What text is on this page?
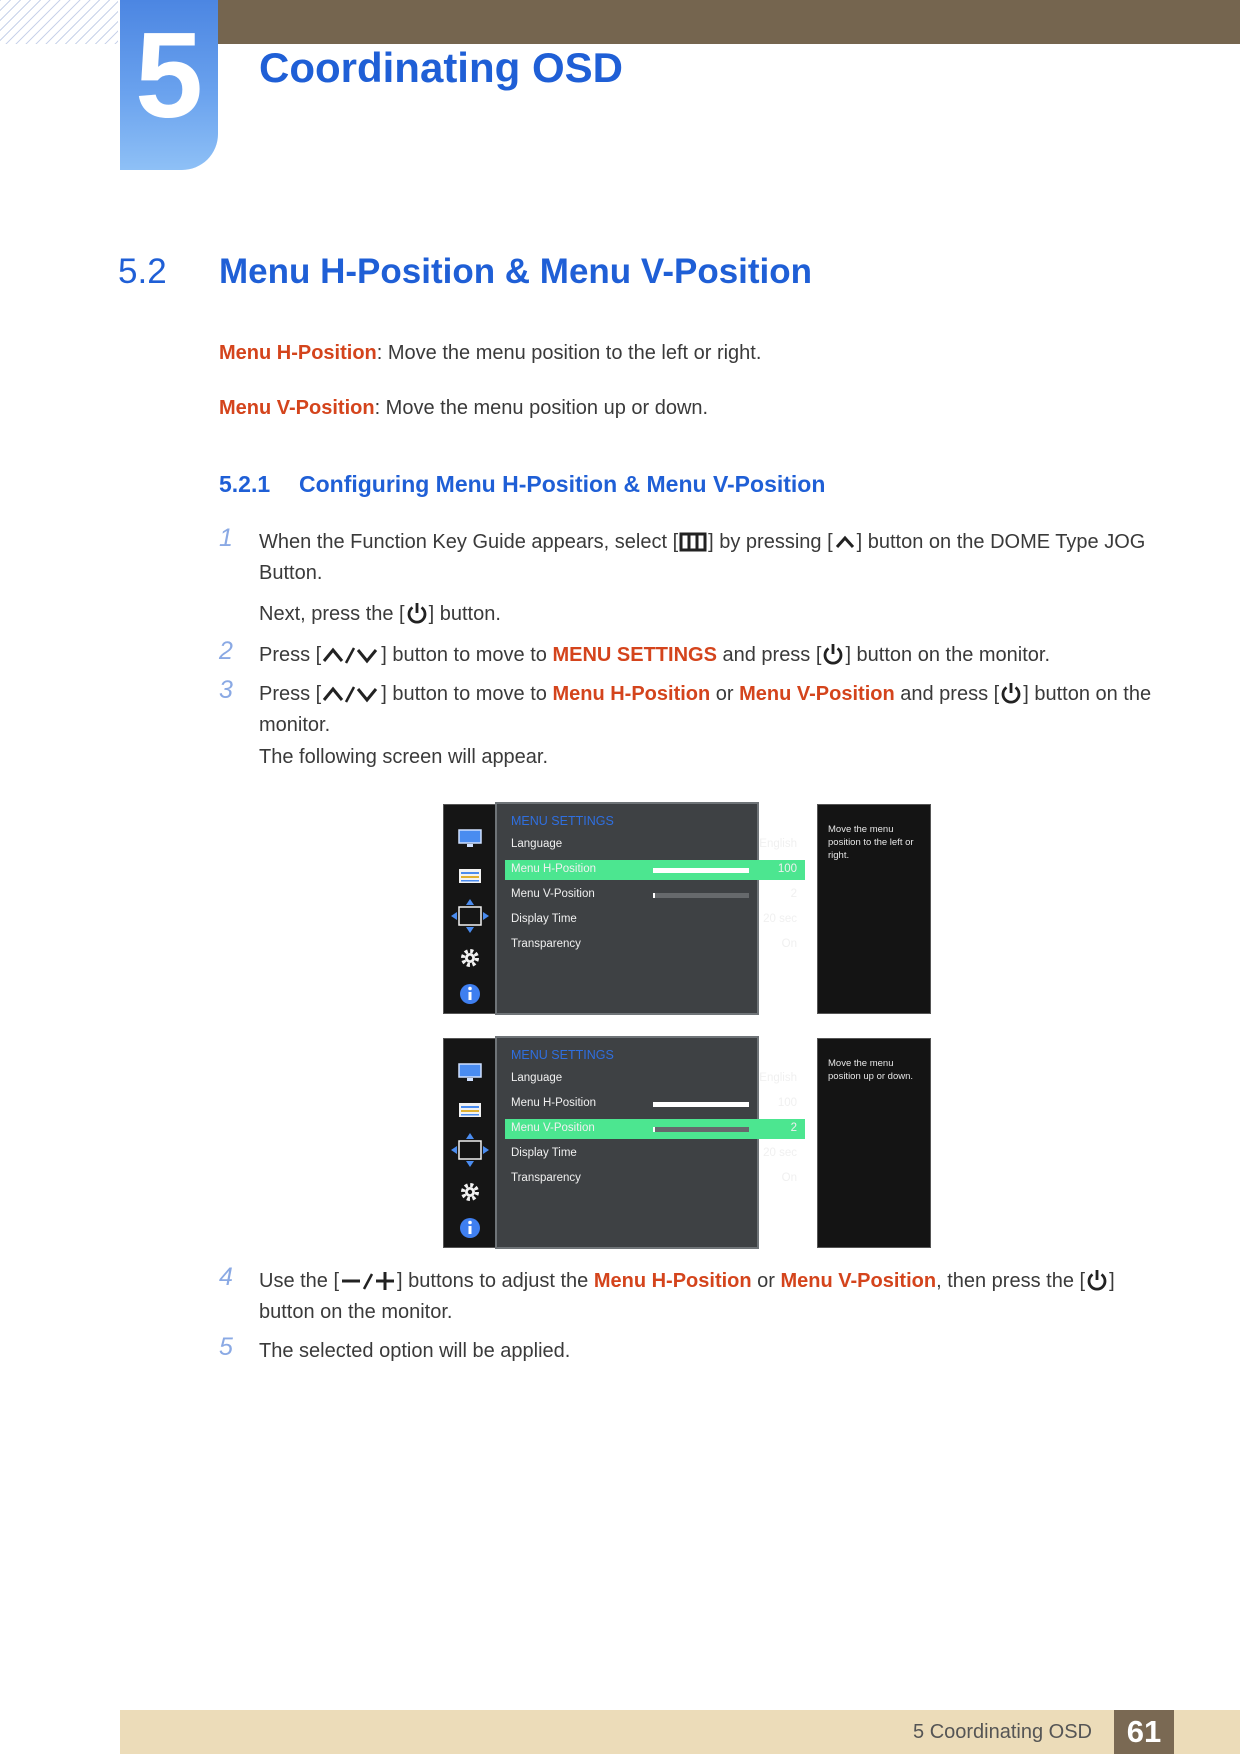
5	Coordinating OSD
5.2 Menu H-Position & Menu V-Position
Menu H-Position: Move the menu position to the left or right.
Menu V-Position: Move the menu position up or down.
5.2.1 Configuring Menu H-Position & Menu V-Position
1 When the Function Key Guide appears, select [ ] by pressing [ ] button on the DOME Type JOG Button.
Next, press the [ ] button.
2 Press [	] button to move to MENU SETTINGS and press [ ] button on the monitor.
3 Press [	] button to move to Menu H-Position or Menu V-Position and press [ ] button on the monitor.
The following screen will appear.
MENU SETTINGS
Language	English
Menu H-Position	100
Menu V-Position	2
Display Time	20 sec
Transparency	On
Move the menu position to the left or right.
MENU SETTINGS
Language	English
Menu H-Position	100
Menu V-Position	2
Display Time	20 sec
Transparency	On
Move the menu position up or down.
4 Use the [	] buttons to adjust the Menu H-Position or Menu V-Position, then press the [ ] button on the monitor.
5 The selected option will be applied.
5 Coordinating OSD	61
